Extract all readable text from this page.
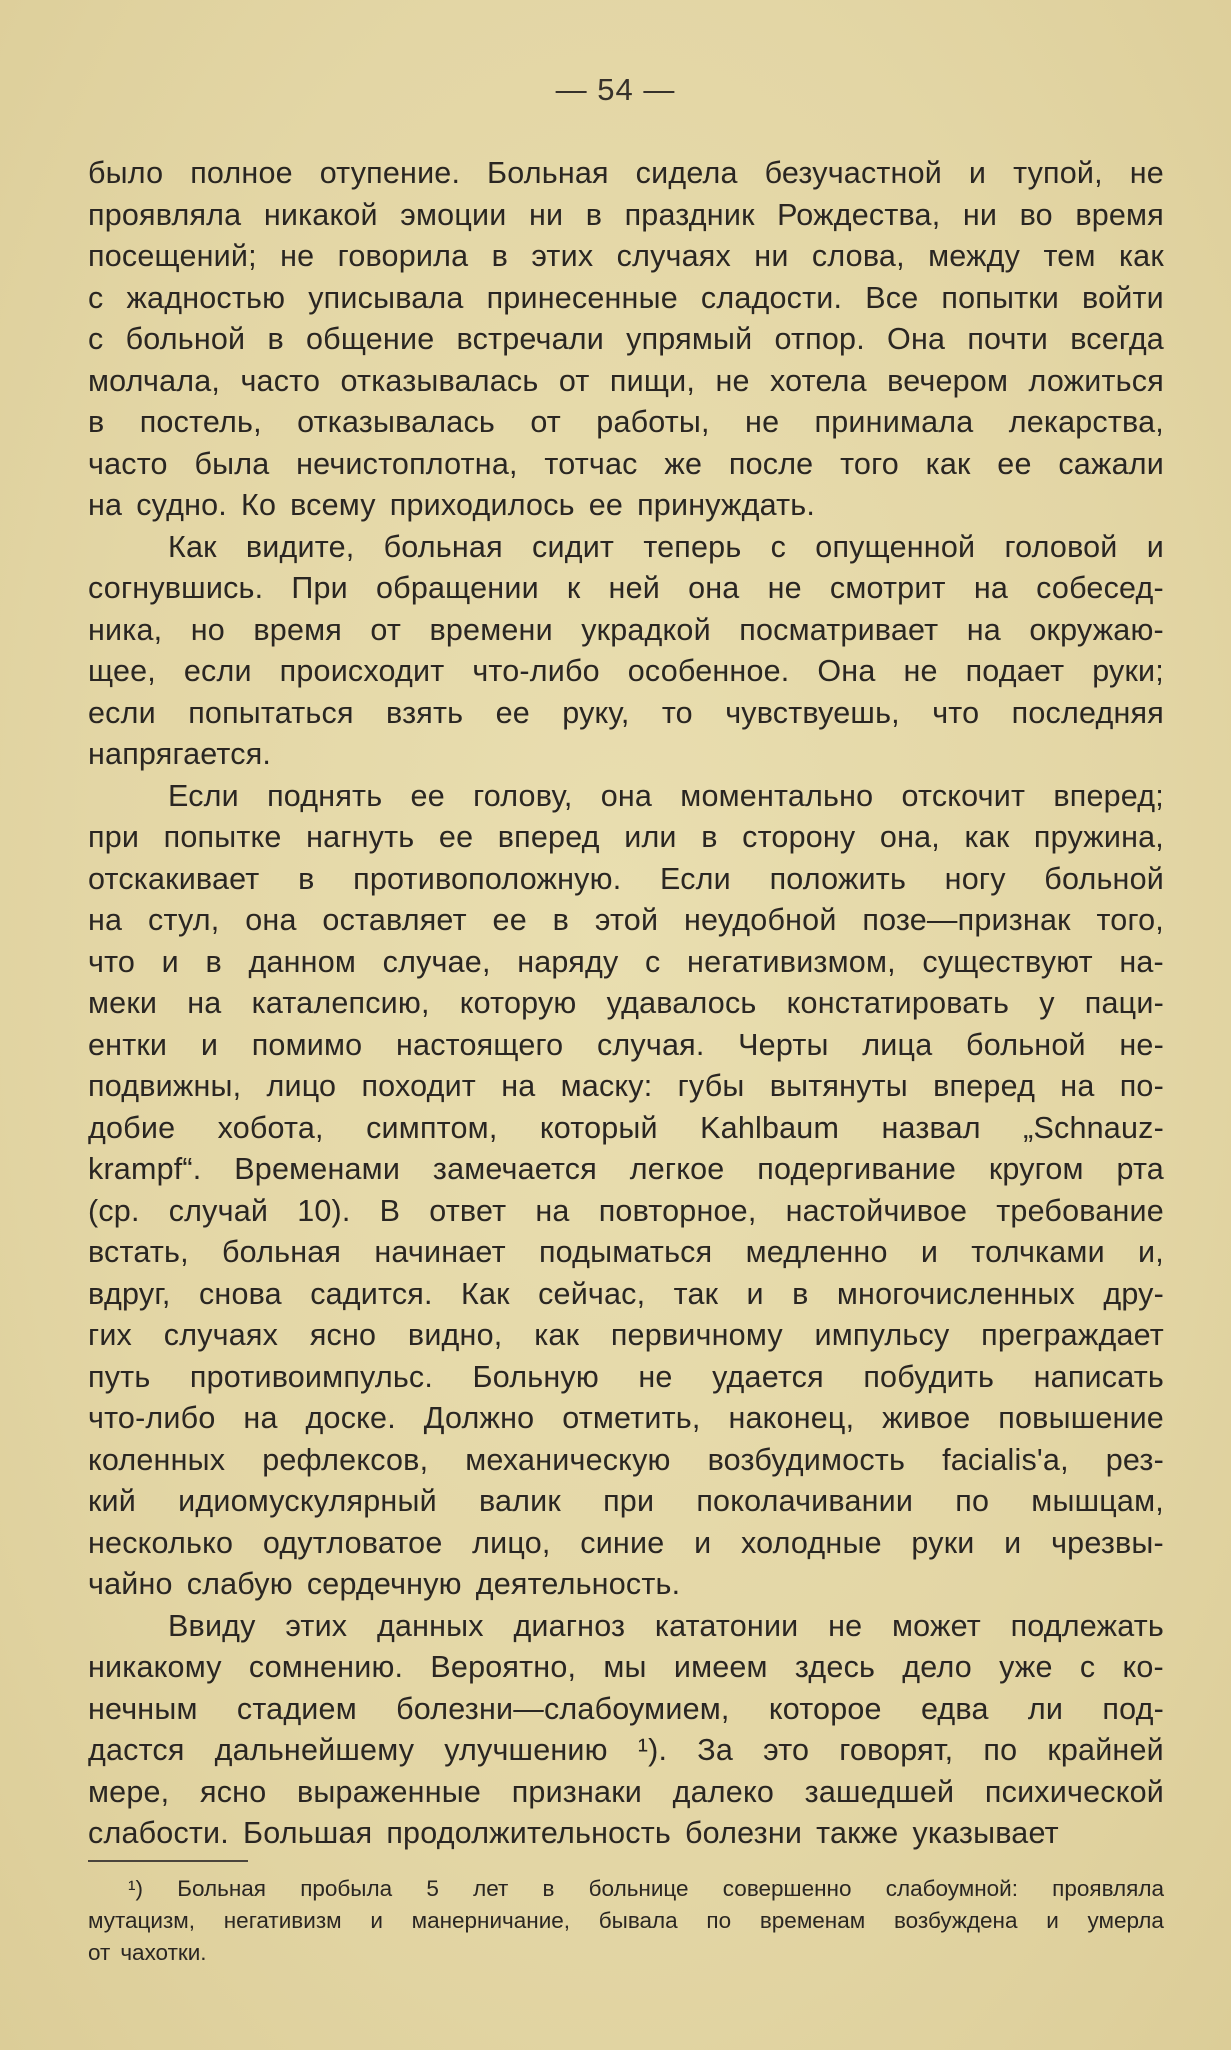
— 54 —
было полное отупение. Больная сидела безучастной и тупой, не
проявляла никакой эмоции ни в праздник Рождества, ни во время
посещений; не говорила в этих случаях ни слова, между тем как
с жадностью уписывала принесенные сладости. Все попытки войти
с больной в общение встречали упрямый отпор. Она почти всегда
молчала, часто отказывалась от пищи, не хотела вечером ложиться
в постель, отказывалась от работы, не принимала лекарства,
часто была нечистоплотна, тотчас же после того как ее сажали
на судно. Ко всему приходилось ее принуждать.
Как видите, больная сидит теперь с опущенной головой и
согнувшись. При обращении к ней она не смотрит на собесед-
ника, но время от времени украдкой посматривает на окружаю-
щее, если происходит что-либо особенное. Она не подает руки;
если попытаться взять ее руку, то чувствуешь, что последняя
напрягается.
Если поднять ее голову, она моментально отскочит вперед;
при попытке нагнуть ее вперед или в сторону она, как пружина,
отскакивает в противоположную. Если положить ногу больной
на стул, она оставляет ее в этой неудобной позе—признак того,
что и в данном случае, наряду с негативизмом, существуют на-
меки на каталепсию, которую удавалось констатировать у паци-
ентки и помимо настоящего случая. Черты лица больной не-
подвижны, лицо походит на маску: губы вытянуты вперед на по-
добие хобота, симптом, который Kahlbaum назвал „Schnauz-
krampf“. Временами замечается легкое подергивание кругом рта
(ср. случай 10). В ответ на повторное, настойчивое требование
встать, больная начинает подыматься медленно и толчками и,
вдруг, снова садится. Как сейчас, так и в многочисленных дру-
гих случаях ясно видно, как первичному импульсу преграждает
путь противоимпульс. Больную не удается побудить написать
что-либо на доске. Должно отметить, наконец, живое повышение
коленных рефлексов, механическую возбудимость facialis'а, рез-
кий идиомускулярный валик при поколачивании по мышцам,
несколько одутловатое лицо, синие и холодные руки и чрезвы-
чайно слабую сердечную деятельность.
Ввиду этих данных диагноз кататонии не может подлежать
никакому сомнению. Вероятно, мы имеем здесь дело уже с ко-
нечным стадием болезни—слабоумием, которое едва ли под-
дастся дальнейшему улучшению ¹). За это говорят, по крайней
мере, ясно выраженные признаки далеко зашедшей психической
слабости. Большая продолжительность болезни также указывает
¹) Больная пробыла 5 лет в больнице совершенно слабоумной: проявляла
мутацизм, негативизм и манерничание, бывала по временам возбуждена и умерла
от чахотки.
